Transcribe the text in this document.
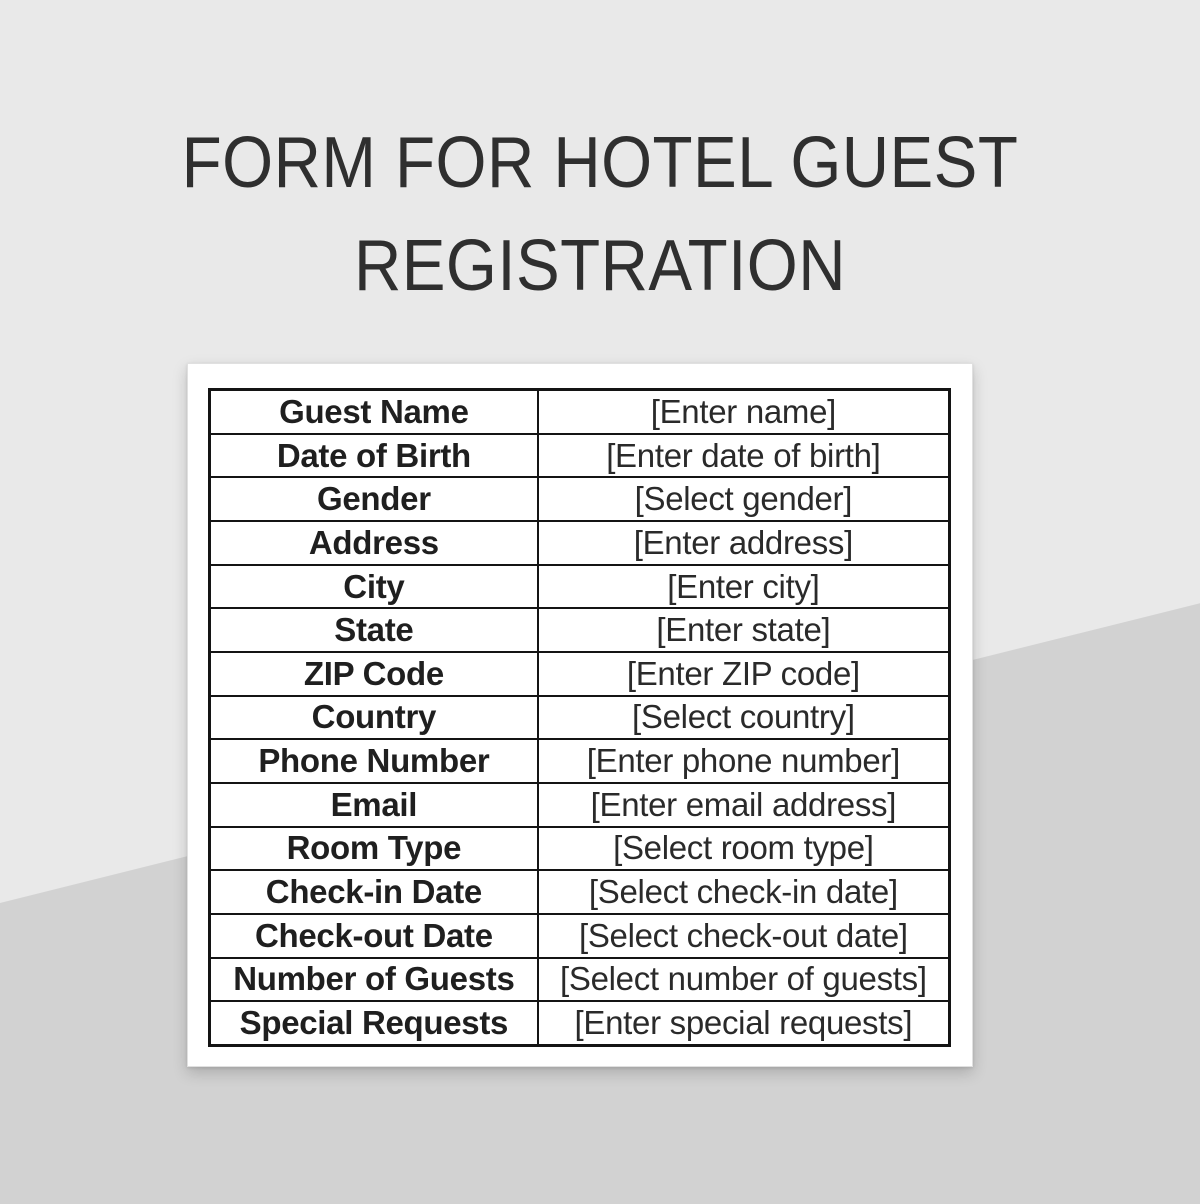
FORM FOR HOTEL GUEST
REGISTRATION
Guest Name	[Enter name]
Date of Birth	[Enter date of birth]
Gender	[Select gender]
Address	[Enter address]
City	[Enter city]
State	[Enter state]
ZIP Code	[Enter ZIP code]
Country	[Select country]
Phone Number	[Enter phone number]
Email	[Enter email address]
Room Type	[Select room type]
Check-in Date	[Select check-in date]
Check-out Date	[Select check-out date]
Number of Guests	[Select number of guests]
Special Requests	[Enter special requests]
